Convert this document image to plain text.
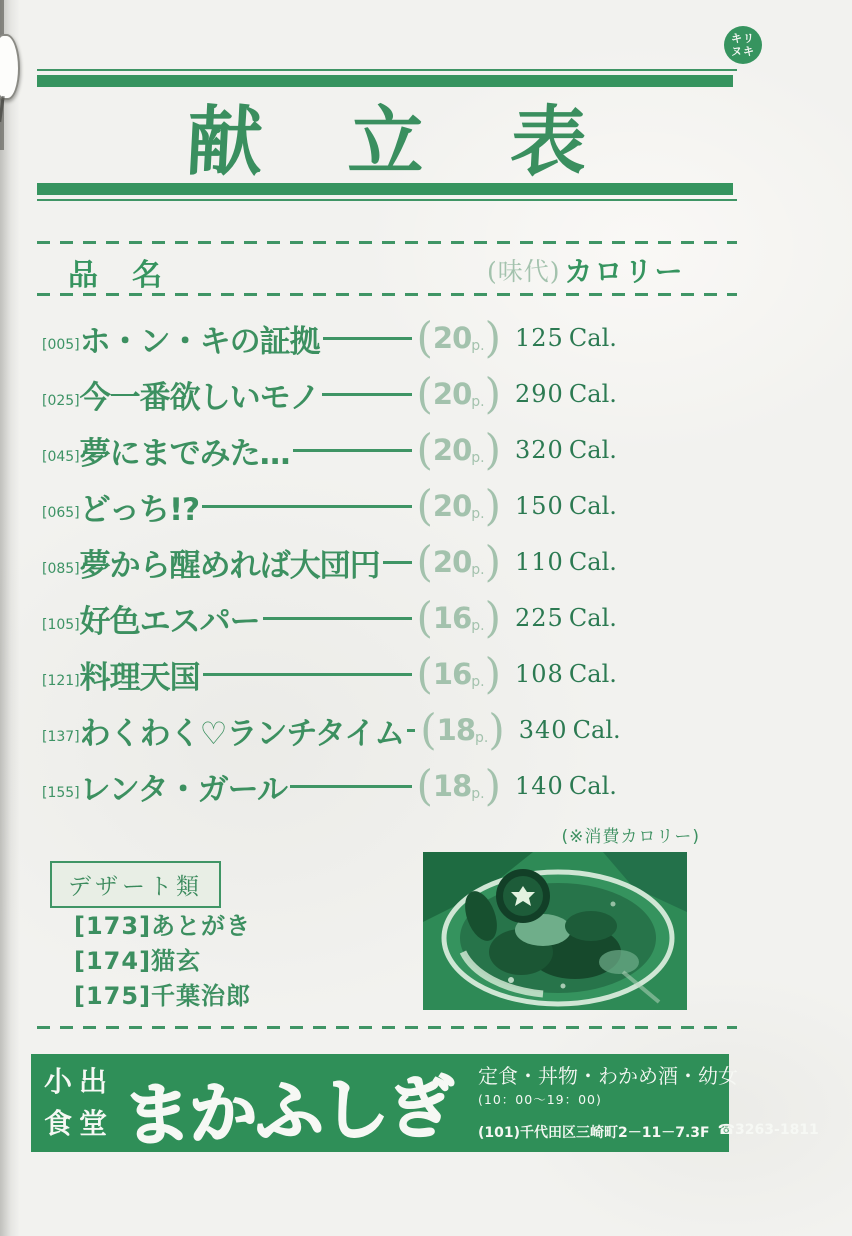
キリ
ヌキ
献立表
品　名	(味代) カロリー
[005] ホ・ン・キの証拠 ( 20 p. ) 125 Cal.
[025] 今一番欲しいモノ ( 20 p. ) 290 Cal.
[045] 夢にまでみた…	( 20 p. ) 320 Cal.
[065] どっち!?	( 20 p. ) 150 Cal.
[085] 夢から醒めれば大団円 ( 20 p. ) 110 Cal.
[105] 好色エスパー	( 16 p. ) 225 Cal.
[121] 料理天国	( 16 p. ) 108 Cal.
[137] わくわく♡ランチタイム ( 18 p. ) 340 Cal.
[155] レンタ・ガール	( 18 p. ) 140 Cal.
(※消費カロリー)
デザート類
[173]あとがき
[174]猫玄
[175]千葉治郎
小出
食堂 まかふしぎ 定食・丼物・わかめ酒・幼女
(10：00～19：00)
(101)千代田区三崎町2－11－7.3F ☎3263-1811
